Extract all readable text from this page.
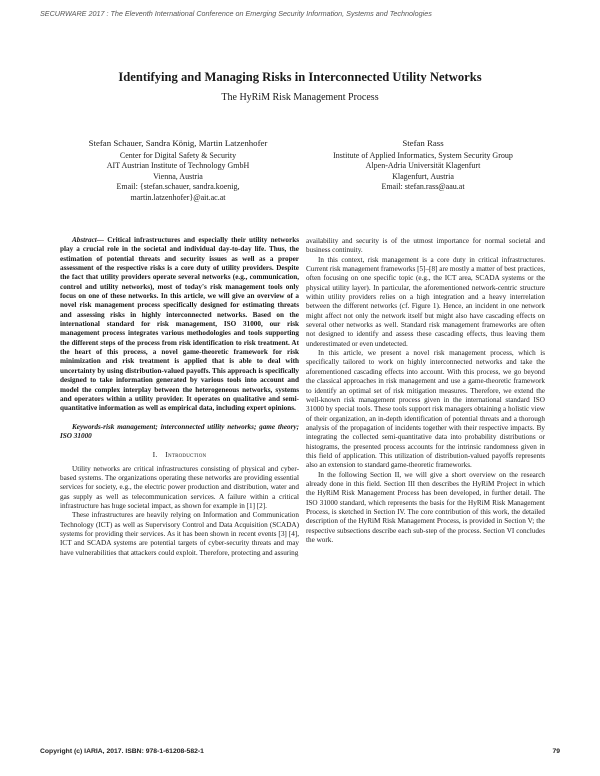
SECURWARE 2017 : The Eleventh International Conference on Emerging Security Information, Systems and Technologies
Identifying and Managing Risks in Interconnected Utility Networks
The HyRiM Risk Management Process
Stefan Schauer, Sandra König, Martin Latzenhofer
Center for Digital Safety & Security
AIT Austrian Institute of Technology GmbH
Vienna, Austria
Email: {stefan.schauer, sandra.koenig,
martin.latzenhofer}@ait.ac.at
Stefan Rass
Institute of Applied Informatics, System Security Group
Alpen-Adria Universität Klagenfurt
Klagenfurt, Austria
Email: stefan.rass@aau.at

Abstract— Critical infrastructures and especially their utility networks play a crucial role in the societal and individual day-to-day life. Thus, the estimation of potential threats and security issues as well as a proper assessment of the respective risks is a core duty of utility providers. Despite the fact that utility providers operate several networks (e.g., communication, control and utility networks), most of today's risk management tools only focus on one of these networks. In this article, we will give an overview of a novel risk management process specifically designed for estimating threats and assessing risks in highly interconnected networks. Based on the international standard for risk management, ISO 31000, our risk management process integrates various methodologies and tools supporting the different steps of the process from risk identification to risk treatment. At the heart of this process, a novel game-theoretic framework for risk minimization and risk treatment is applied that is able to deal with uncertainty by using distribution-valued payoffs. This approach is specifically designed to take information generated by various tools into account and model the complex interplay between the heterogeneous networks, systems and operators within a utility provider. It operates on qualitative and semi-quantitative information as well as empirical data, including expert opinions.

Keywords-risk management; interconnected utility networks; game theory; ISO 31000

I. Introduction

Utility networks are critical infrastructures consisting of physical and cyber-based systems. The organizations operating these networks are providing essential services for society, e.g., the electric power production and distribution, water and gas supply as well as telecommunication services. A failure within a critical infrastructure has huge societal impact, as shown for example in [1] [2].

These infrastructures are heavily relying on Information and Communication Technology (ICT) as well as Supervisory Control and Data Acquisition (SCADA) systems for providing their services. As it has been shown in recent events [3] [4], ICT and SCADA systems are potential targets of cyber-security threats and may have vulnerabilities that attackers could exploit. Therefore, protecting and assuring

availability and security is of the utmost importance for normal societal and business continuity.

In this context, risk management is a core duty in critical infrastructures. Current risk management frameworks [5]–[8] are mostly a matter of best practices, often focusing on one specific topic (e.g., the ICT area, SCADA systems or the physical utility layer). In particular, the aforementioned network-centric structure within utility providers relies on a high integration and a heavy interrelation between the different networks (cf. Figure 1). Hence, an incident in one network might affect not only the network itself but might also have cascading effects on several other networks as well. Standard risk management frameworks are often not designed to identify and assess these cascading effects, thus leaving them underestimated or even undetected.

In this article, we present a novel risk management process, which is specifically tailored to work on highly interconnected networks and take the aforementioned cascading effects into account. With this process, we go beyond the classical approaches in risk management and use a game-theoretic framework to identify an optimal set of risk mitigation measures. Therefore, we extend the well-known risk management process given in the international standard ISO 31000 by special tools. These tools support risk managers obtaining a holistic view of their organization, an in-depth identification of potential threats and a thorough analysis of the propagation of incidents together with their respective impacts. By integrating the collected semi-quantitative data into probability distributions or histograms, the presented process accounts for the intrinsic randomness given in this field of application. This utilization of distribution-valued payoffs represents also an extension to standard game-theoretic frameworks.

In the following Section II, we will give a short overview on the research already done in this field. Section III then describes the HyRiM Project in which the HyRiM Risk Management Process has been developed, in further detail. The ISO 31000 standard, which represents the basis for the HyRiM Risk Management Process, is sketched in Section IV. The core contribution of this work, the detailed description of the HyRiM Risk Management Process, is provided in Section V; the respective subsections describe each sub-step of the process. Section VI concludes the work.

Copyright (c) IARIA, 2017. ISBN: 978-1-61208-582-1	79
